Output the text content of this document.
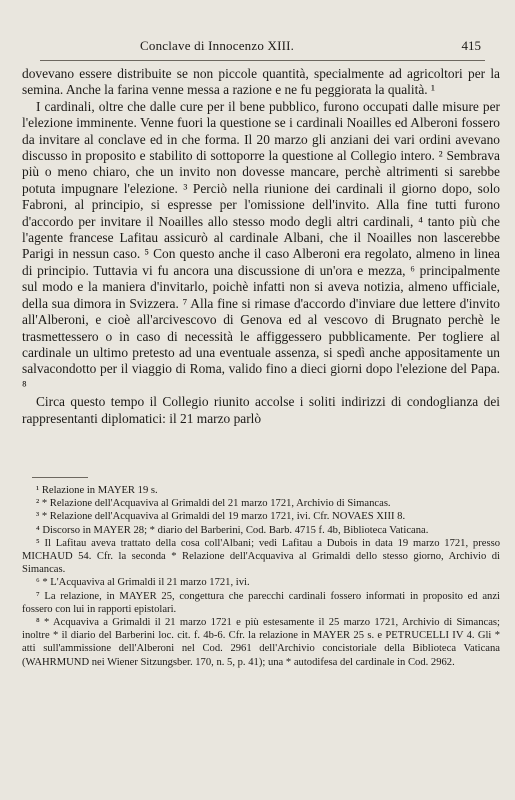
Conclave di Innocenzo XIII.	415

dovevano essere distribuite se non piccole quantità, specialmente ad agricoltori per la semina. Anche la farina venne messa a razione e ne fu peggiorata la qualità. ¹

I cardinali, oltre che dalle cure per il bene pubblico, furono occupati dalle misure per l'elezione imminente. Venne fuori la questione se i cardinali Noailles ed Alberoni fossero da invitare al conclave ed in che forma. Il 20 marzo gli anziani dei vari ordini avevano discusso in proposito e stabilito di sottoporre la questione al Collegio intero. ² Sembrava più o meno chiaro, che un invito non dovesse mancare, perchè altrimenti si sarebbe potuta impugnare l'elezione. ³ Perciò nella riunione dei cardinali il giorno dopo, solo Fabroni, al principio, si espresse per l'omissione dell'invito. Alla fine tutti furono d'accordo per invitare il Noailles allo stesso modo degli altri cardinali, ⁴ tanto più che l'agente francese Lafitau assicurò al cardinale Albani, che il Noailles non lascerebbe Parigi in nessun caso. ⁵ Con questo anche il caso Alberoni era regolato, almeno in linea di principio. Tuttavia vi fu ancora una discussione di un'ora e mezza, ⁶ principalmente sul modo e la maniera d'invitarlo, poichè infatti non si aveva notizia, almeno ufficiale, della sua dimora in Svizzera. ⁷ Alla fine si rimase d'accordo d'inviare due lettere d'invito all'Alberoni, e cioè all'arcivescovo di Genova ed al vescovo di Brugnato perchè le trasmettessero o in caso di necessità le affiggessero pubblicamente. Per togliere al cardinale un ultimo pretesto ad una eventuale assenza, si spedì anche appositamente un salvacondotto per il viaggio di Roma, valido fino a dieci giorni dopo l'elezione del Papa. ⁸

Circa questo tempo il Collegio riunito accolse i soliti indirizzi di condoglianza dei rappresentanti diplomatici: il 21 marzo parlò

¹ Relazione in MAYER 19 s.

² * Relazione dell'Acquaviva al Grimaldi del 21 marzo 1721, Archivio di Simancas.

³ * Relazione dell'Acquaviva al Grimaldi del 19 marzo 1721, ivi. Cfr. NOVAES XIII 8.

⁴ Discorso in MAYER 28; * diario del Barberini, Cod. Barb. 4715 f. 4b, Biblioteca Vaticana.

⁵ Il Lafitau aveva trattato della cosa coll'Albani; vedi Lafitau a Dubois in data 19 marzo 1721, presso MICHAUD 54. Cfr. la seconda * Relazione dell'Acquaviva al Grimaldi dello stesso giorno, Archivio di Simancas.

⁶ * L'Acquaviva al Grimaldi il 21 marzo 1721, ivi.

⁷ La relazione, in MAYER 25, congettura che parecchi cardinali fossero informati in proposito ed anzi fossero con lui in rapporti epistolari.

⁸ * Acquaviva a Grimaldi il 21 marzo 1721 e più estesamente il 25 marzo 1721, Archivio di Simancas; inoltre * il diario del Barberini loc. cit. f. 4b-6. Cfr. la relazione in MAYER 25 s. e PETRUCELLI IV 4. Gli * atti sull'ammissione dell'Alberoni nel Cod. 2961 dell'Archivio concistoriale della Biblioteca Vaticana (WAHRMUND nei Wiener Sitzungsber. 170, n. 5, p. 41); una * autodifesa del cardinale in Cod. 2962.
